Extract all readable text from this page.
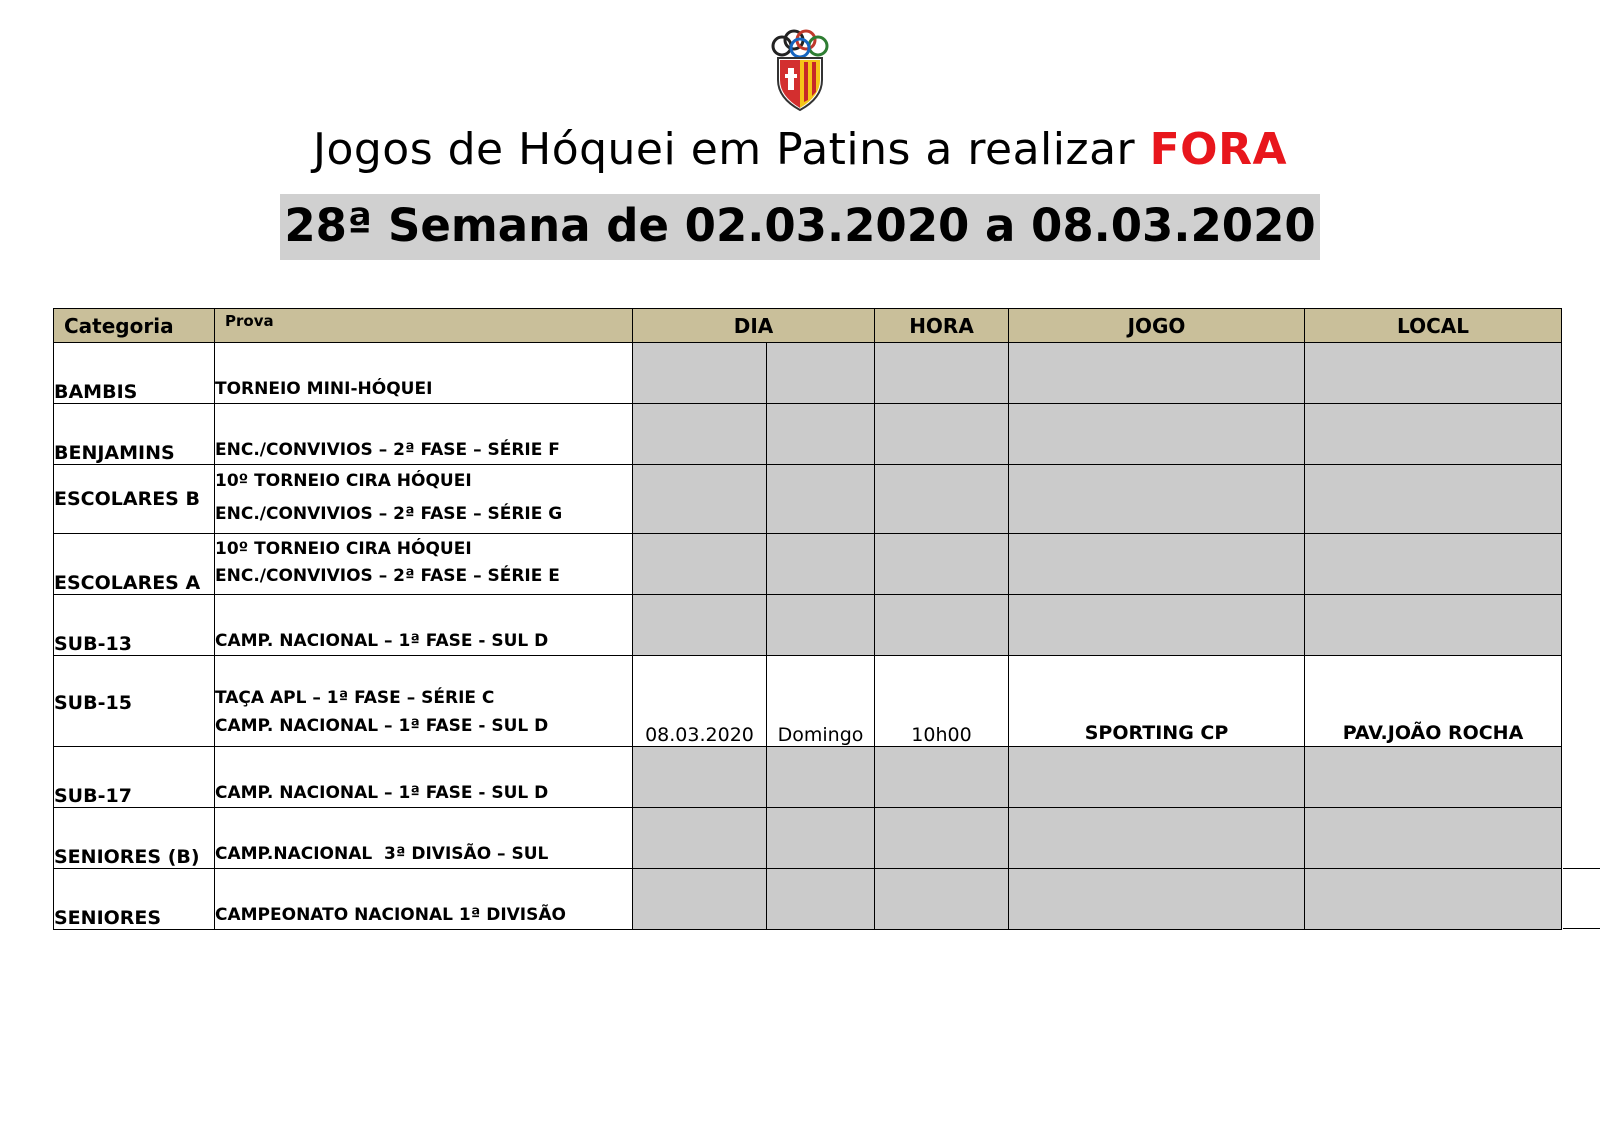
Jogos de Hóquei em Patins a realizar FORA
28ª Semana de 02.03.2020 a 08.03.2020
Categoria	Prova	DIA		HORA	JOGO	LOCAL
BAMBIS	TORNEIO MINI-HÓQUEI					

BENJAMINS	ENC./CONVIVIOS – 2ª FASE – SÉRIE F					

ESCOLARES B	10º TORNEIO CIRA HÓQUEI
ENC./CONVIVIOS – 2ª FASE – SÉRIE G					

ESCOLARES A	10º TORNEIO CIRA HÓQUEI
ENC./CONVIVIOS – 2ª FASE – SÉRIE E					

SUB-13	CAMP. NACIONAL – 1ª FASE - SUL D					

SUB-15	TAÇA APL – 1ª FASE – SÉRIE C
CAMP. NACIONAL – 1ª FASE - SUL D	08.03.2020	Domingo	10h00	SPORTING CP	PAV.JOÃO ROCHA
SUB-17	CAMP. NACIONAL – 1ª FASE - SUL D					

SENIORES (B)	CAMP.NACIONAL  3ª DIVISÃO – SUL					

SENIORES	CAMPEONATO NACIONAL 1ª DIVISÃO					
